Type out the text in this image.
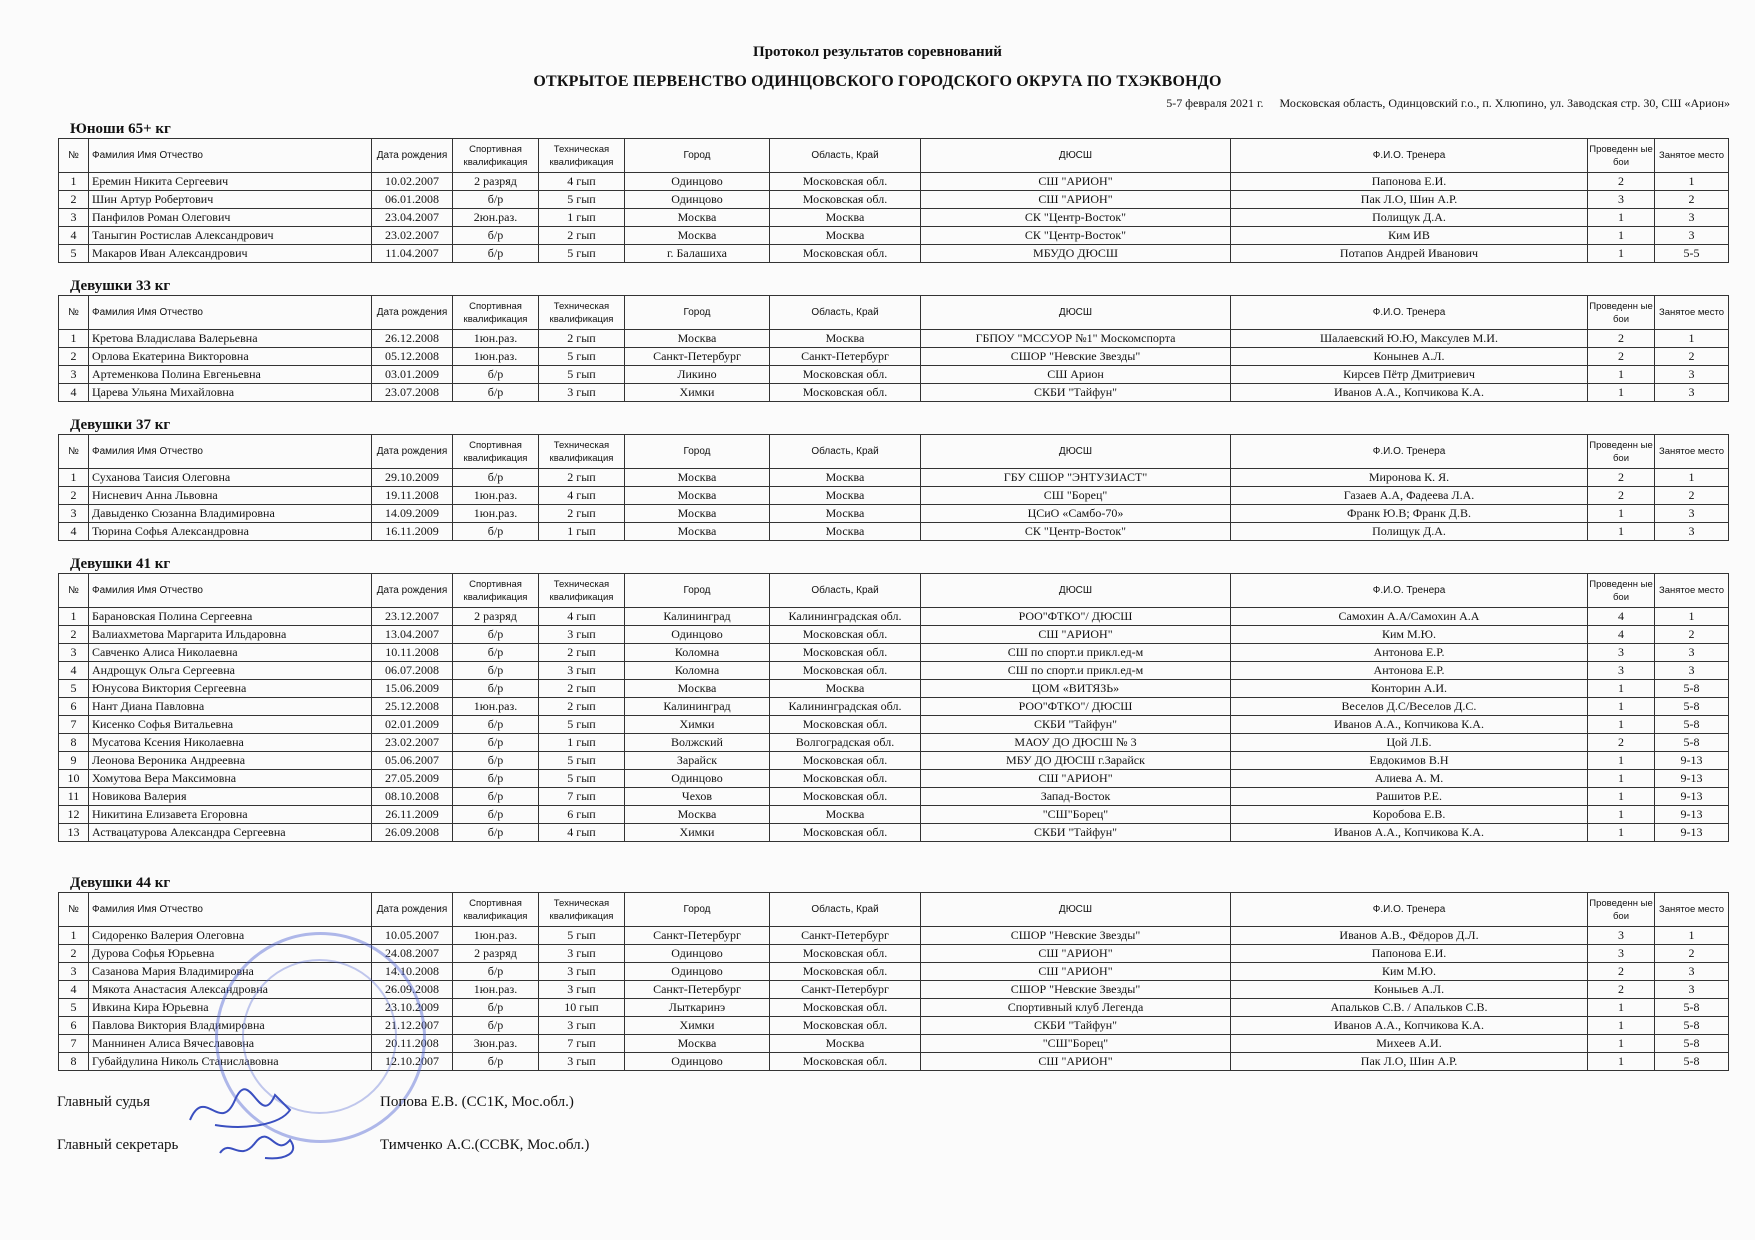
Протокол результатов соревнований
ОТКРЫТОЕ ПЕРВЕНСТВО ОДИНЦОВСКОГО ГОРОДСКОГО ОКРУГА ПО ТХЭКВОНДО
5-7 февраля 2021 г. Московская область, Одинцовский г.о., п. Хлюпино, ул. Заводская стр. 30, СШ «Арион»
Юноши 65+ кг
№	Фамилия Имя Отчество	Дата рождения	Спортивная квалификация	Техническая квалификация	Город	Область, Край	ДЮСШ	Ф.И.О. Тренера	Проведенн ые бои	Занятое место
1	Еремин Никита Сергеевич	10.02.2007	2 разряд	4 гып	Одинцово	Московская обл.	СШ "АРИОН"	Папонова Е.И.	2	1
2	Шин Артур Робертович	06.01.2008	б/р	5 гып	Одинцово	Московская обл.	СШ "АРИОН"	Пак Л.О, Шин А.Р.	3	2
3	Панфилов Роман Олегович	23.04.2007	2юн.раз.	1 гып	Москва	Москва	СК "Центр-Восток"	Полищук Д.А.	1	3
4	Таныгин Ростислав Александрович	23.02.2007	б/р	2 гып	Москва	Москва	СК "Центр-Восток"	Ким ИВ	1	3
5	Макаров Иван Александрович	11.04.2007	б/р	5 гып	г. Балашиха	Московская обл.	МБУДО ДЮСШ	Потапов Андрей Иванович	1	5-5
Девушки 33 кг
№	Фамилия Имя Отчество	Дата рождения	Спортивная квалификация	Техническая квалификация	Город	Область, Край	ДЮСШ	Ф.И.О. Тренера	Проведенн ые бои	Занятое место
1	Кретова Владислава Валерьевна	26.12.2008	1юн.раз.	2 гып	Москва	Москва	ГБПОУ "МССУОР №1" Москомспорта	Шалаевский Ю.Ю, Максулев М.И.	2	1
2	Орлова Екатерина Викторовна	05.12.2008	1юн.раз.	5 гып	Санкт-Петербург	Санкт-Петербург	СШОР "Невские Звезды"	Конынев А.Л.	2	2
3	Артеменкова Полина Евгеньевна	03.01.2009	б/р	5 гып	Ликино	Московская обл.	СШ Арион	Кирсев Пётр Дмитриевич	1	3
4	Царева Ульяна Михайловна	23.07.2008	б/р	3 гып	Химки	Московская обл.	СКБИ "Тайфун"	Иванов А.А., Копчикова К.А.	1	3
Девушки 37 кг
№	Фамилия Имя Отчество	Дата рождения	Спортивная квалификация	Техническая квалификация	Город	Область, Край	ДЮСШ	Ф.И.О. Тренера	Проведенн ые бои	Занятое место
1	Суханова Таисия Олеговна	29.10.2009	б/р	2 гып	Москва	Москва	ГБУ СШОР "ЭНТУЗИАСТ"	Миронова К. Я.	2	1
2	Нисневич Анна Львовна	19.11.2008	1юн.раз.	4 гып	Москва	Москва	СШ "Борец"	Газаев А.А, Фадеева Л.А.	2	2
3	Давыденко Сюзанна Владимировна	14.09.2009	1юн.раз.	2 гып	Москва	Москва	ЦСиО «Самбо-70»	Франк Ю.В; Франк Д.В.	1	3
4	Тюрина Софья Александровна	16.11.2009	б/р	1 гып	Москва	Москва	СК "Центр-Восток"	Полищук Д.А.	1	3
Девушки 41 кг
№	Фамилия Имя Отчество	Дата рождения	Спортивная квалификация	Техническая квалификация	Город	Область, Край	ДЮСШ	Ф.И.О. Тренера	Проведенн ые бои	Занятое место
1	Барановская Полина Сергеевна	23.12.2007	2 разряд	4 гып	Калининград	Калининградская обл.	РОО"ФТКО"/ ДЮСШ	Самохин А.А/Самохин А.А	4	1
2	Валиахметова Маргарита Ильдаровна	13.04.2007	б/р	3 гып	Одинцово	Московская обл.	СШ "АРИОН"	Ким М.Ю.	4	2
3	Савченко Алиса Николаевна	10.11.2008	б/р	2 гып	Коломна	Московская обл.	СШ по спорт.и прикл.ед-м	Антонова Е.Р.	3	3
4	Андрощук Ольга Сергеевна	06.07.2008	б/р	3 гып	Коломна	Московская обл.	СШ по спорт.и прикл.ед-м	Антонова Е.Р.	3	3
5	Юнусова Виктория Сергеевна	15.06.2009	б/р	2 гып	Москва	Москва	ЦОМ «ВИТЯЗЬ»	Конторин А.И.	1	5-8
6	Нант Диана Павловна	25.12.2008	1юн.раз.	2 гып	Калининград	Калининградская обл.	РОО"ФТКО"/ ДЮСШ	Веселов Д.С/Веселов Д.С.	1	5-8
7	Кисенко Софья Витальевна	02.01.2009	б/р	5 гып	Химки	Московская обл.	СКБИ "Тайфун"	Иванов А.А., Копчикова К.А.	1	5-8
8	Мусатова Ксения Николаевна	23.02.2007	б/р	1 гып	Волжский	Волгоградская обл.	МАОУ ДО ДЮСШ № 3	Цой Л.Б.	2	5-8
9	Леонова Вероника Андреевна	05.06.2007	б/р	5 гып	Зарайск	Московская обл.	МБУ ДО ДЮСШ г.Зарайск	Евдокимов В.Н	1	9-13
10	Хомутова Вера Максимовна	27.05.2009	б/р	5 гып	Одинцово	Московская обл.	СШ "АРИОН"	Алиева А. М.	1	9-13
11	Новикова Валерия	08.10.2008	б/р	7 гып	Чехов	Московская обл.	Запад-Восток	Рашитов Р.Е.	1	9-13
12	Никитина Елизавета Егоровна	26.11.2009	б/р	6 гып	Москва	Москва	"СШ"Борец"	Коробова Е.В.	1	9-13
13	Аствацатурова Александра Сергеевна	26.09.2008	б/р	4 гып	Химки	Московская обл.	СКБИ "Тайфун"	Иванов А.А., Копчикова К.А.	1	9-13
Девушки 44 кг
№	Фамилия Имя Отчество	Дата рождения	Спортивная квалификация	Техническая квалификация	Город	Область, Край	ДЮСШ	Ф.И.О. Тренера	Проведенн ые бои	Занятое место
1	Сидоренко Валерия Олеговна	10.05.2007	1юн.раз.	5 гып	Санкт-Петербург	Санкт-Петербург	СШОР "Невские Звезды"	Иванов А.В., Фёдоров Д.Л.	3	1
2	Дурова Софья Юрьевна	24.08.2007	2 разряд	3 гып	Одинцово	Московская обл.	СШ "АРИОН"	Папонова Е.И.	3	2
3	Сазанова Мария Владимировна	14.10.2008	б/р	3 гып	Одинцово	Московская обл.	СШ "АРИОН"	Ким М.Ю.	2	3
4	Мякота Анастасия Александровна	26.09.2008	1юн.раз.	3 гып	Санкт-Петербург	Санкт-Петербург	СШОР "Невские Звезды"	Коныьев А.Л.	2	3
5	Ивкина Кира Юрьевна	23.10.2009	б/р	10 гып	Лыткаринэ	Московская обл.	Спортивный клуб Легенда	Апальков С.В. / Апальков С.В.	1	5-8
6	Павлова Виктория Владимировна	21.12.2007	б/р	3 гып	Химки	Московская обл.	СКБИ "Тайфун"	Иванов А.А., Копчикова К.А.	1	5-8
7	Маннинен Алиса Вячеславовна	20.11.2008	3юн.раз.	7 гып	Москва	Москва	"СШ"Борец"	Михеев А.И.	1	5-8
8	Губайдулина Николь Станиславовна	12.10.2007	б/р	3 гып	Одинцово	Московская обл.	СШ "АРИОН"	Пак Л.О, Шин А.Р.	1	5-8
Главный судья	Попова Е.В. (СС1К, Мос.обл.)
Главный секретарь	Тимченко А.С.(ССВК, Мос.обл.)
